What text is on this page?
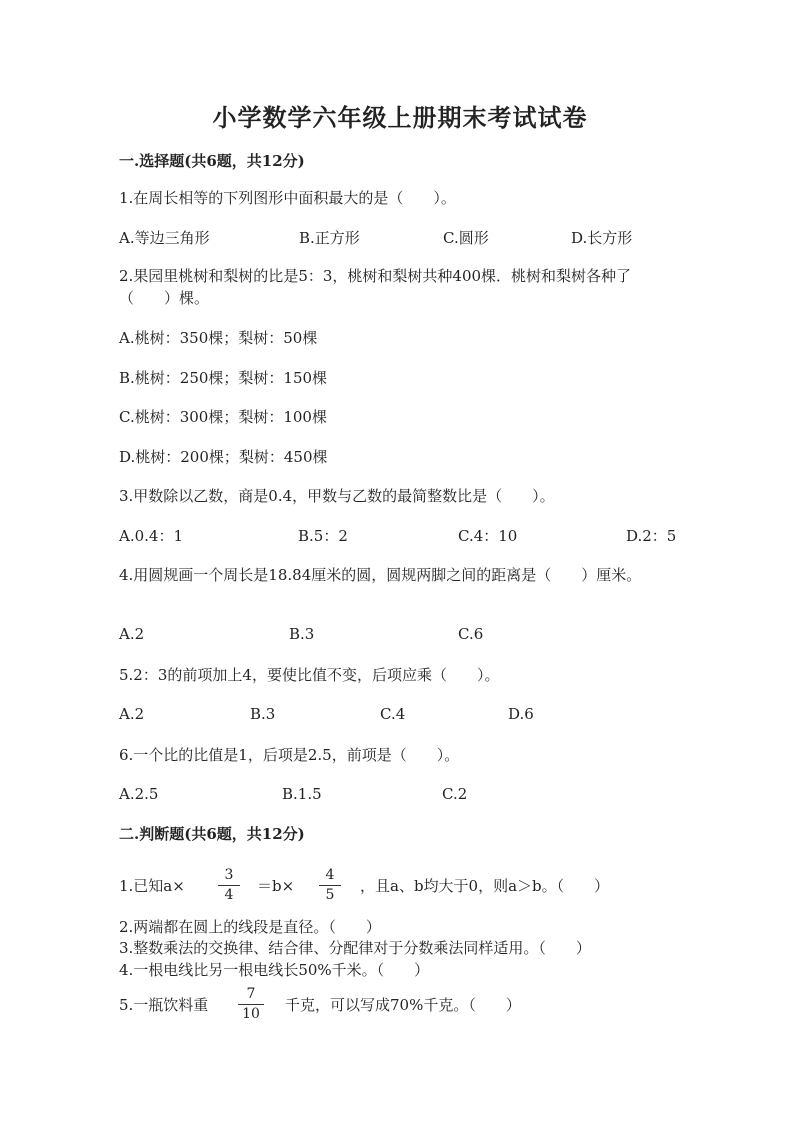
小学数学六年级上册期末考试试卷
一.选择题(共6题，共12分)
1.在周长相等的下列图形中面积最大的是（　　）。
A.等边三角形	B.正方形	C.圆形	D.长方形
2.果园里桃树和梨树的比是5：3，桃树和梨树共种400棵．桃树和梨树各种了（　　）棵。
A.桃树：350棵；梨树：50棵
B.桃树：250棵；梨树：150棵
C.桃树：300棵；梨树：100棵
D.桃树：200棵；梨树：450棵
3.甲数除以乙数，商是0.4，甲数与乙数的最简整数比是（　　）。
A.0.4：1	B.5：2	C.4：10	D.2：5
4.用圆规画一个周长是18.84厘米的圆，圆规两脚之间的距离是（　　）厘米。
A.2	B.3	C.6
5.2：3的前项加上4，要使比值不变，后项应乘（　　）。
A.2	B.3	C.4	D.6
6.一个比的比值是1，后项是2.5，前项是（　　）。
A.2.5	B.1.5	C.2
二.判断题(共6题，共12分)
1.已知a×
3
4	＝b×
4
5	，且a、b均大于0，则a＞b。（　　）
2.两端都在圆上的线段是直径。（　　）
3.整数乘法的交换律、结合律、分配律对于分数乘法同样适用。（　　）
4.一根电线比另一根电线长50%千米。（　　）
5.一瓶饮料重
7
10 千克，可以写成70%千克。（　　）
